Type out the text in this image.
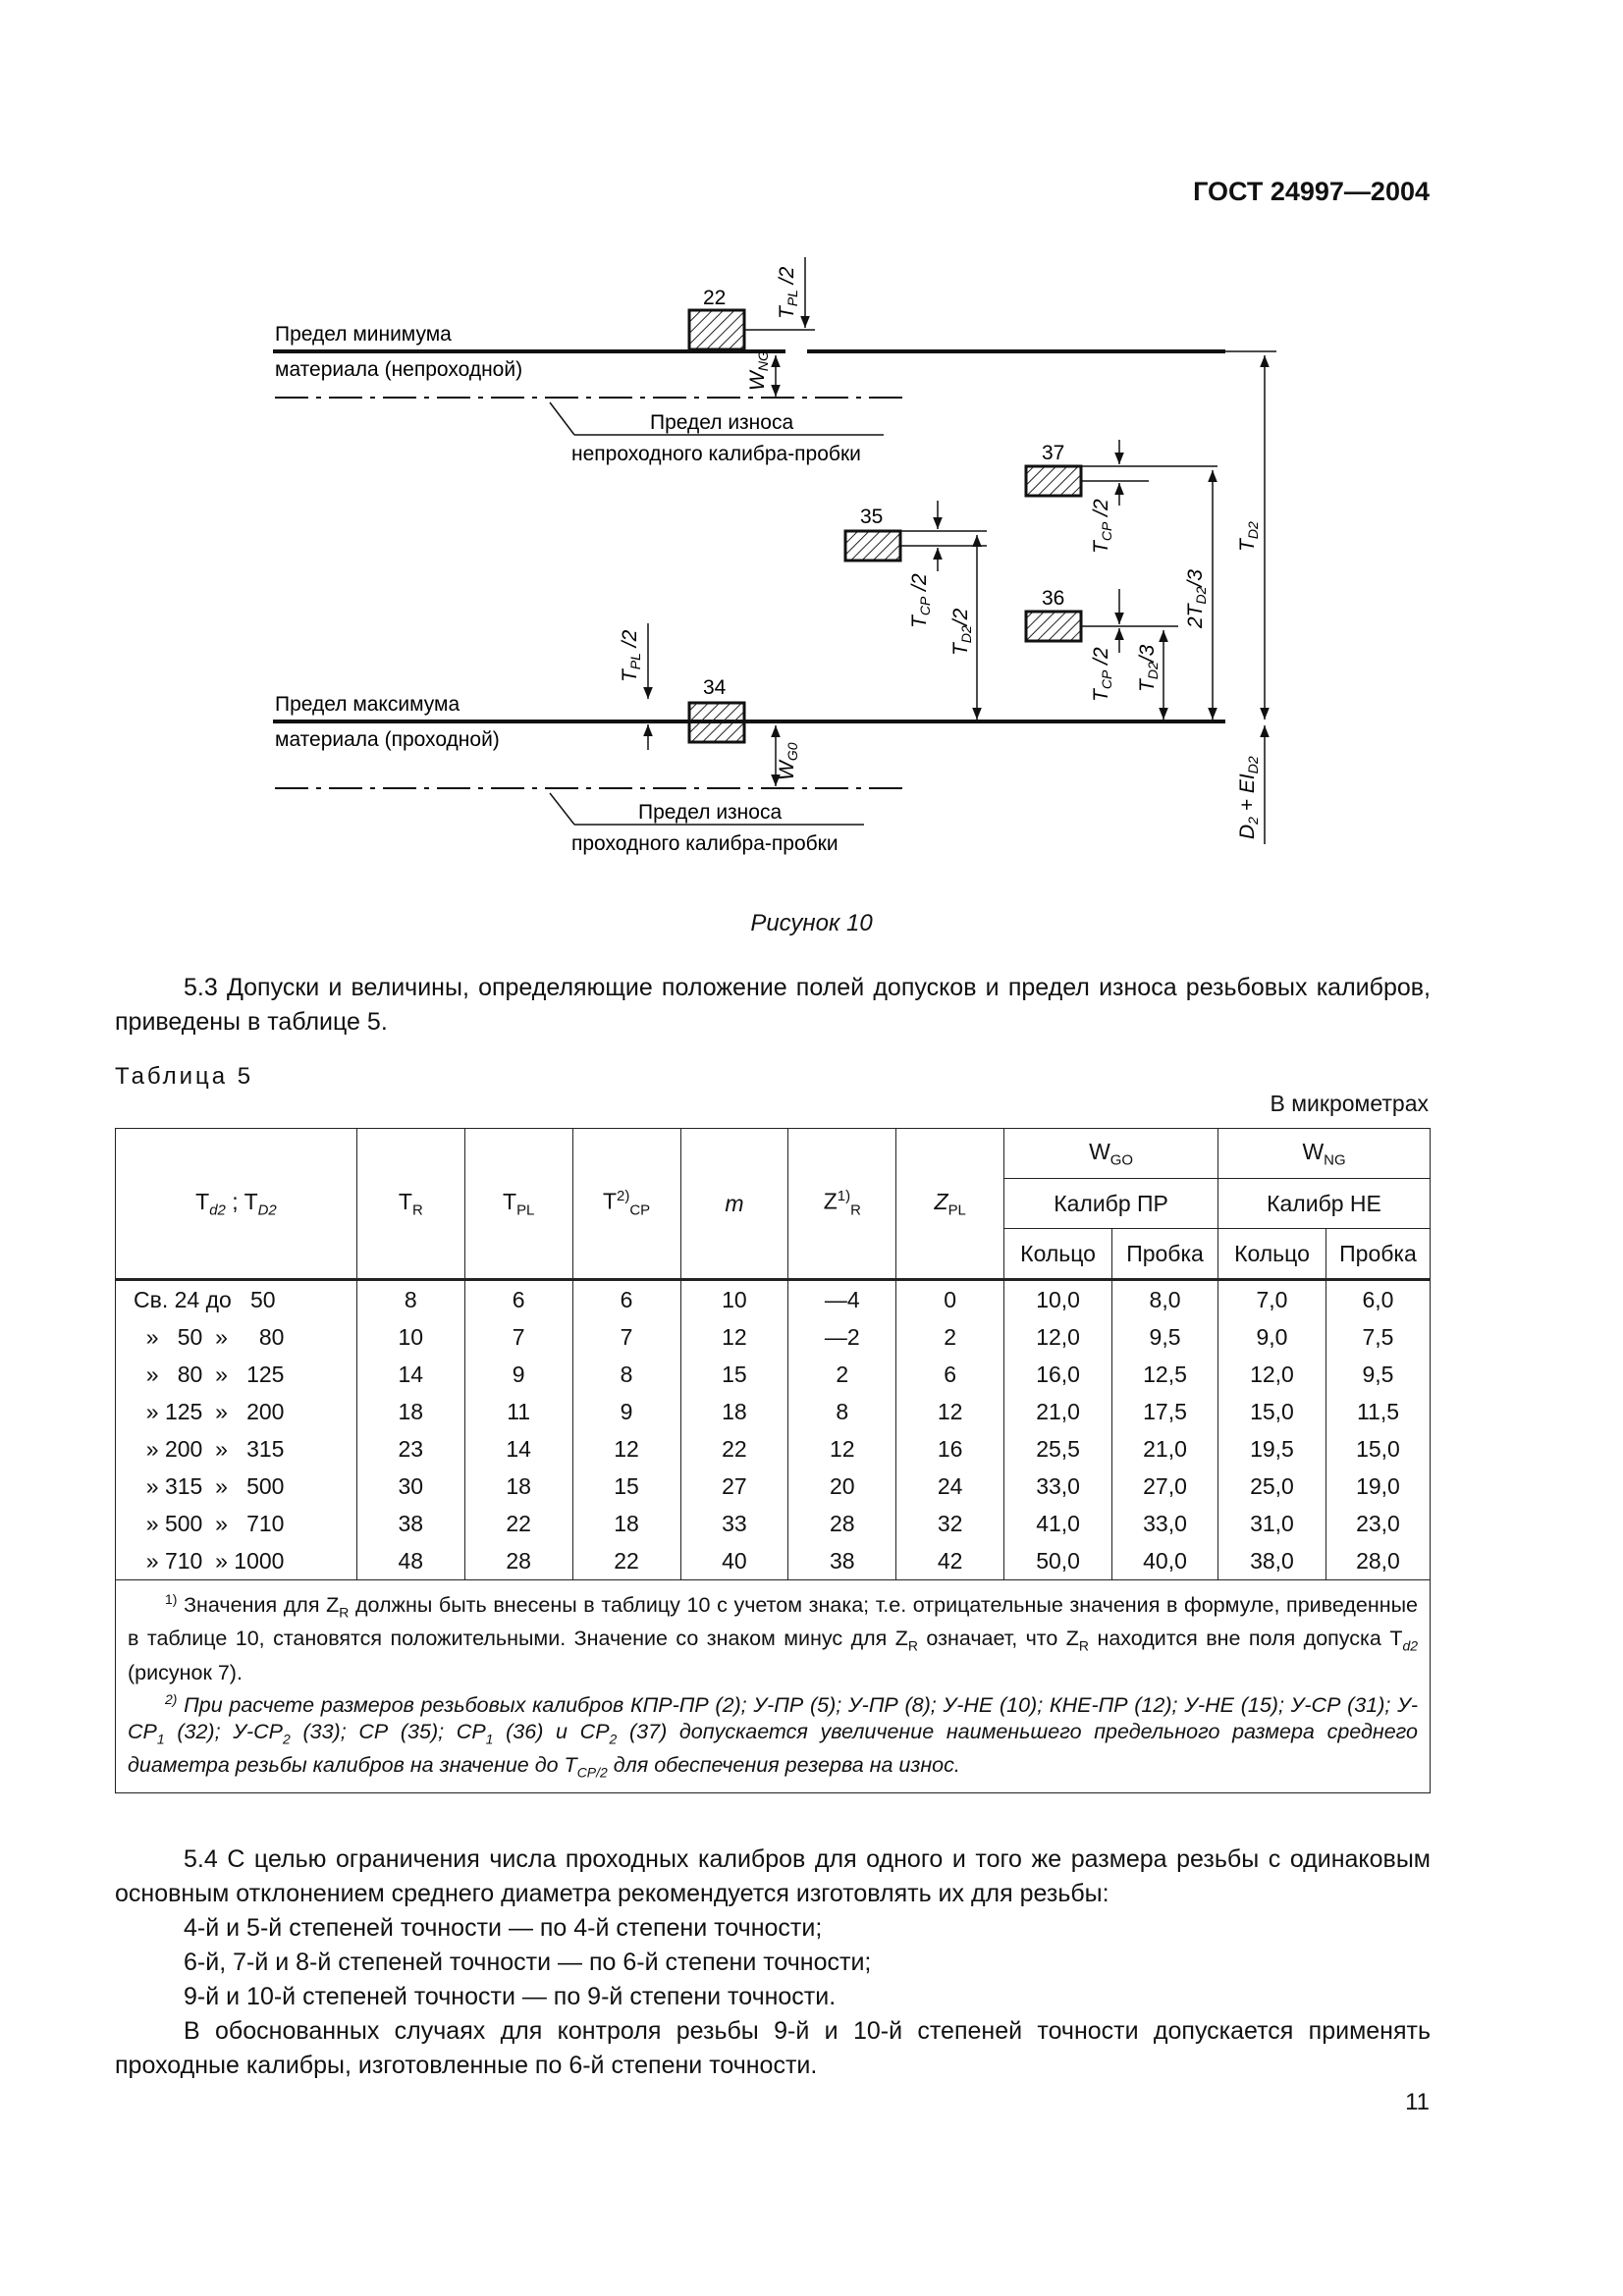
ГОСТ 24997—2004
Предел минимума
материала (непроходной)
Предел максимума
материала (проходной)
Предел износа
непроходного калибра-пробки
Предел износа
проходного калибра-пробки
22
34
35
37
36
TPL /2
WNG
TPL /2
WG0
TCP /2
TD2/2
TCP /2
TCP /2
TD2/3
2TD2/3
TD2
D2 + EID2
Рисунок 10
5.3 Допуски и величины, определяющие положение полей допусков и предел износа резьбовых калибров, приведены в таблице 5.
Таблица 5
В микрометрах
$T_{d2}$ ; $T_{D2}$	$T_R$	$T_{PL}$	$T^{2)}_{CP}$	m	$Z^{1)}_R$	$Z_{PL}$	$W_{GO}$		$W_{NG}$
							Калибр ПР		Калибр НЕ	
							Кольцо	Пробка	Кольцо	Пробка
Св. 24 до   50	8	6	6	10	—4	0	10,0	8,0	7,0	6,0
»   50  »     80	10	7	7	12	—2	2	12,0	9,5	9,0	7,5
»   80  »   125	14	9	8	15	2	6	16,0	12,5	12,0	9,5
» 125  »   200	18	11	9	18	8	12	21,0	17,5	15,0	11,5
» 200  »   315	23	14	12	22	12	16	25,5	21,0	19,5	15,0
» 315  »   500	30	18	15	27	20	24	33,0	27,0	25,0	19,0
» 500  »   710	38	22	18	33	28	32	41,0	33,0	31,0	23,0
» 710  » 1000	48	28	22	40	38	42	50,0	40,0	38,0	28,0

$^{1)}$ Значения для $Z_R$ должны быть внесены в таблицу 10 с учетом знака; т.е. отрицательные значения в формуле, приведенные в таблице 10, становятся положительными. Значение со знаком минус для $Z_R$ означает, что $Z_R$ находится вне поля допуска $T_{d2}$ (рисунок 7).
$^{2)}$ При расчете размеров резьбовых калибров КПР-ПР (2); У-ПР (5); У-ПР (8); У-НЕ (10); КНЕ-ПР (12); У-НЕ (15); У-СР (31); $У-СР_1$ (32); $У-СР_2$ (33); СР (35); $СР_1$ (36) и $СР_2$ (37) допускается увеличение наименьшего предельного размера среднего диаметра резьбы калибров на значение до $T_{CP/2}$ для обеспечения резерва на износ.										
5.4 С целью ограничения числа проходных калибров для одного и того же размера резьбы с одинаковым основным отклонением среднего диаметра рекомендуется изготовлять их для резьбы:
4-й и 5-й степеней точности — по 4-й степени точности;
6-й, 7-й и 8-й степеней точности — по 6-й степени точности;
9-й и 10-й степеней точности — по 9-й степени точности.
В обоснованных случаях для контроля резьбы 9-й и 10-й степеней точности допускается применять проходные калибры, изготовленные по 6-й степени точности.
11
